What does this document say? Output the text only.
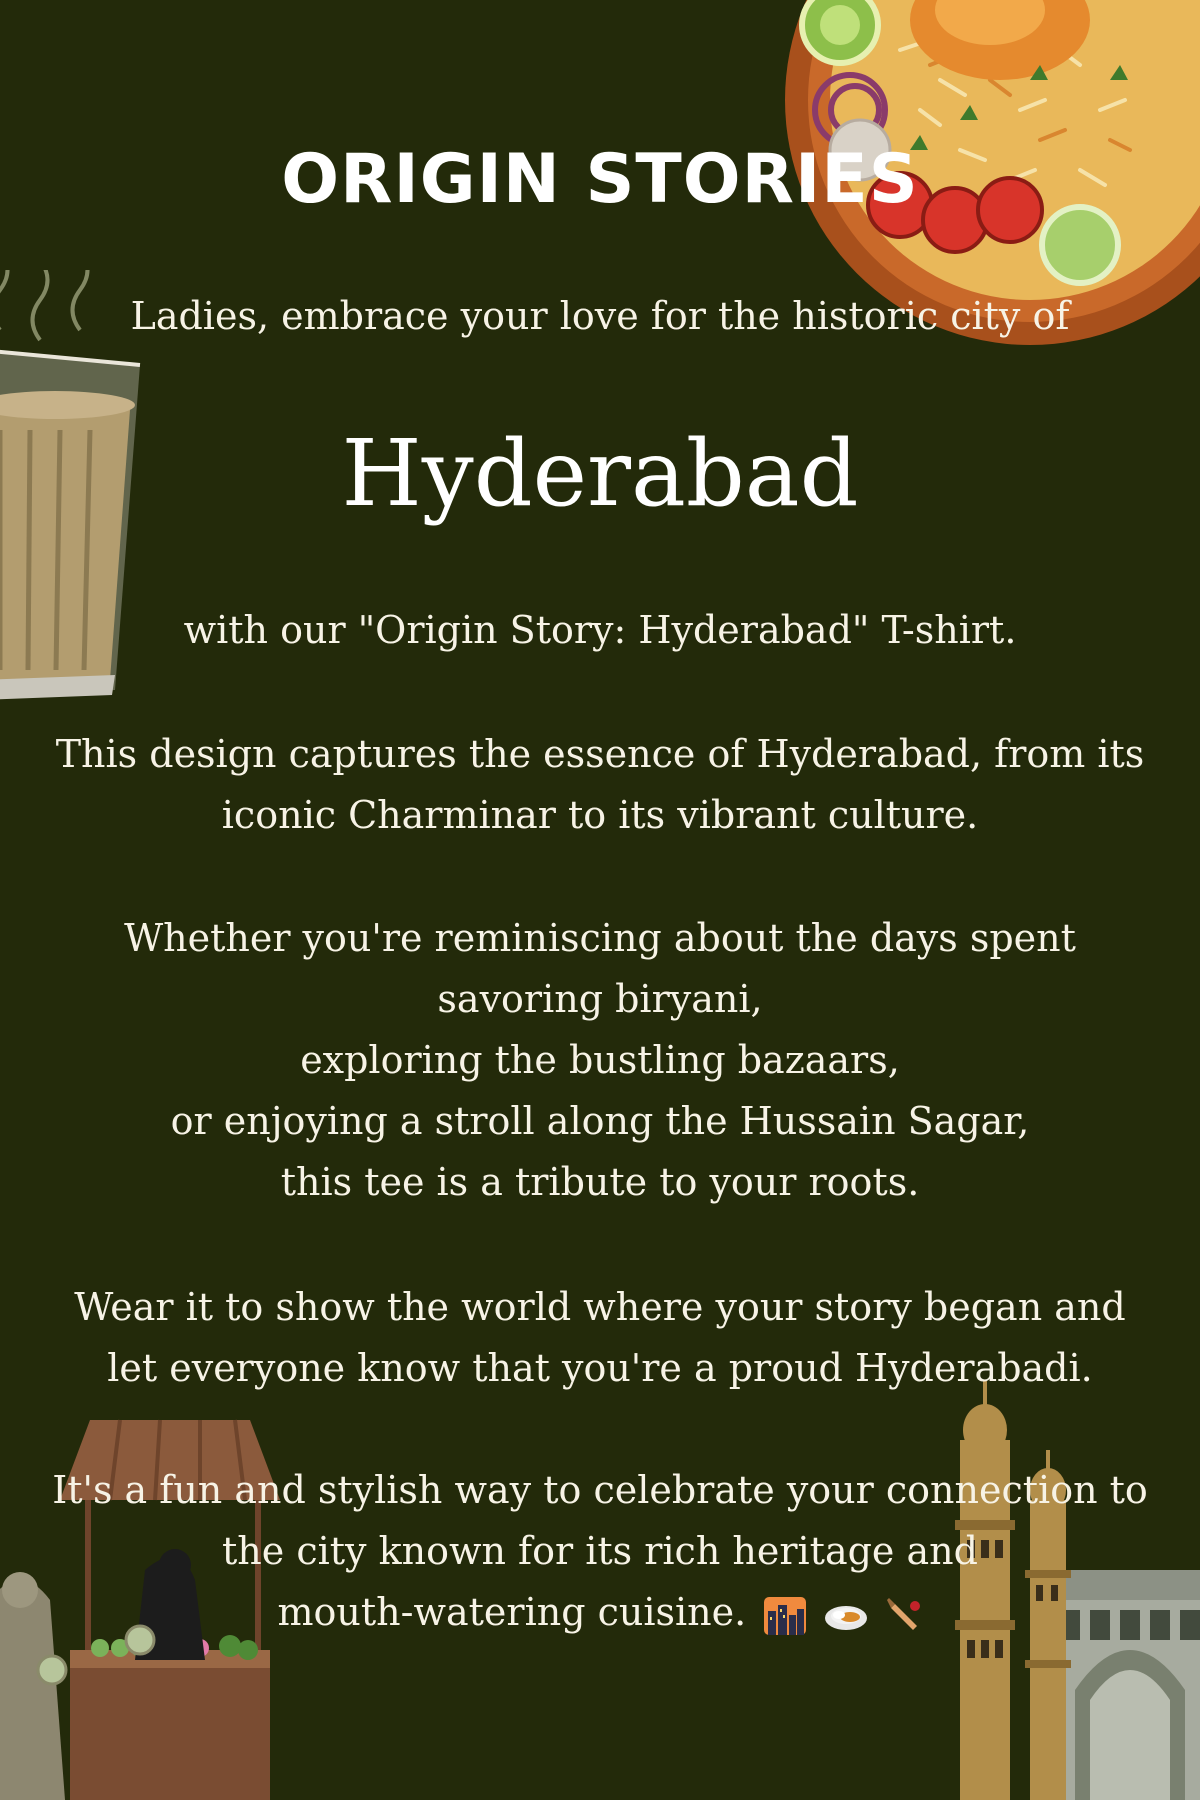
ORIGIN STORIES

Ladies, embrace your love for the historic city of

Hyderabad

with our "Origin Story: Hyderabad" T-shirt.

This design captures the essence of Hyderabad, from its
iconic Charminar to its vibrant culture.

Whether you're reminiscing about the days spent
savoring biryani,
exploring the bustling bazaars,
or enjoying a stroll along the Hussain Sagar,
this tee is a tribute to your roots.

Wear it to show the world where your story began and
let everyone know that you're a proud Hyderabadi.

It's a fun and stylish way to celebrate your connection to
the city known for its rich heritage and
mouth-watering cuisine.
